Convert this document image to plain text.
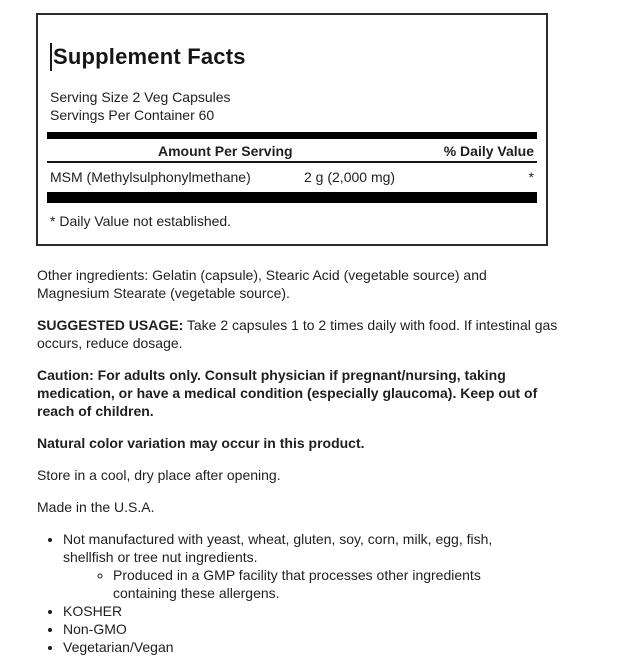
Supplement Facts
Serving Size 2 Veg Capsules
Servings Per Container 60
Amount Per Serving	% Daily Value
MSM (Methylsulphonylmethane)	2 g (2,000 mg)	*
* Daily Value not established.

Other ingredients: Gelatin (capsule), Stearic Acid (vegetable source) and Magnesium Stearate (vegetable source).

SUGGESTED USAGE: Take 2 capsules 1 to 2 times daily with food. If intestinal gas occurs, reduce dosage.

Caution: For adults only. Consult physician if pregnant/nursing, taking medication, or have a medical condition (especially glaucoma). Keep out of reach of children.

Natural color variation may occur in this product.

Store in a cool, dry place after opening.

Made in the U.S.A.

• Not manufactured with yeast, wheat, gluten, soy, corn, milk, egg, fish, shellfish or tree nut ingredients.
◦ Produced in a GMP facility that processes other ingredients containing these allergens.
• KOSHER
• Non-GMO
• Vegetarian/Vegan
